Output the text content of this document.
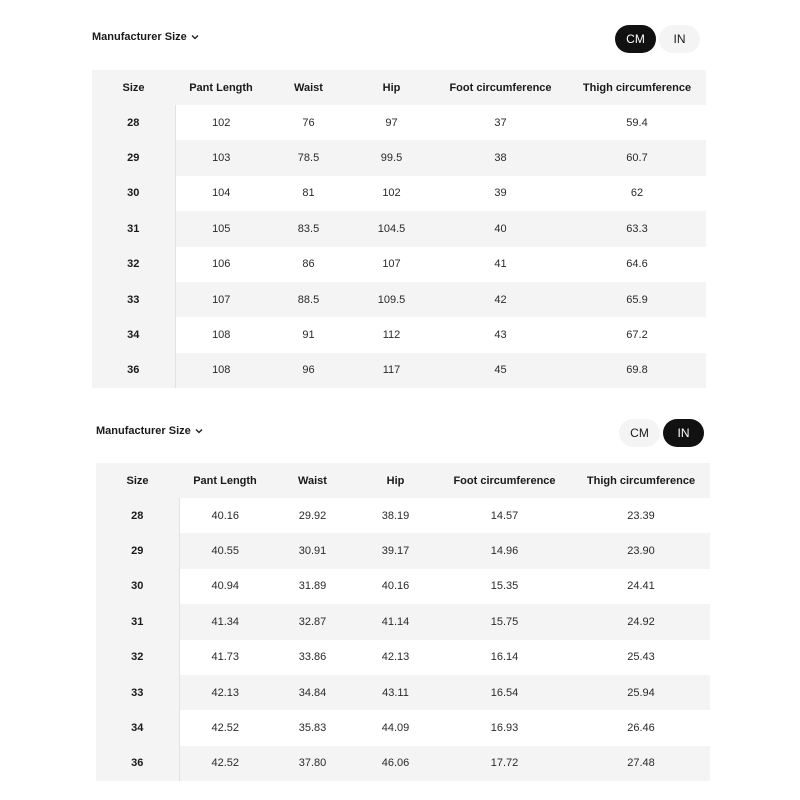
Manufacturer Size	CM	IN
Size	Pant Length	Waist	Hip	Foot circumference	Thigh circumference
28	102	76	97	37	59.4
29	103	78.5	99.5	38	60.7
30	104	81	102	39	62
31	105	83.5	104.5	40	63.3
32	106	86	107	41	64.6
33	107	88.5	109.5	42	65.9
34	108	91	112	43	67.2
36	108	96	117	45	69.8
Manufacturer Size	CM	IN
Size	Pant Length	Waist	Hip	Foot circumference	Thigh circumference
28	40.16	29.92	38.19	14.57	23.39
29	40.55	30.91	39.17	14.96	23.90
30	40.94	31.89	40.16	15.35	24.41
31	41.34	32.87	41.14	15.75	24.92
32	41.73	33.86	42.13	16.14	25.43
33	42.13	34.84	43.11	16.54	25.94
34	42.52	35.83	44.09	16.93	26.46
36	42.52	37.80	46.06	17.72	27.48
